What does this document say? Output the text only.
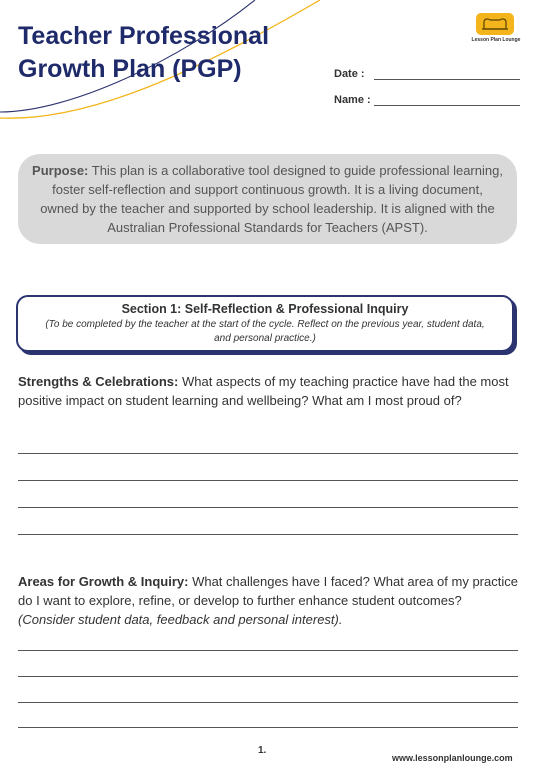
Teacher Professional
Growth Plan (PGP)
Lesson Plan Lounge
Date :
Name :
Purpose: This plan is a collaborative tool designed to guide professional learning, foster self-reflection and support continuous growth. It is a living document, owned by the teacher and supported by school leadership. It is aligned with the Australian Professional Standards for Teachers (APST).
Section 1: Self-Reflection & Professional Inquiry
(To be completed by the teacher at the start of the cycle. Reflect on the previous year, student data, and personal practice.)

Strengths & Celebrations: What aspects of my teaching practice have had the most positive impact on student learning and wellbeing? What am I most proud of?

Areas for Growth & Inquiry: What challenges have I faced? What area of my practice do I want to explore, refine, or develop to further enhance student outcomes? (Consider student data, feedback and personal interest).

1.
www.lessonplanlounge.com
